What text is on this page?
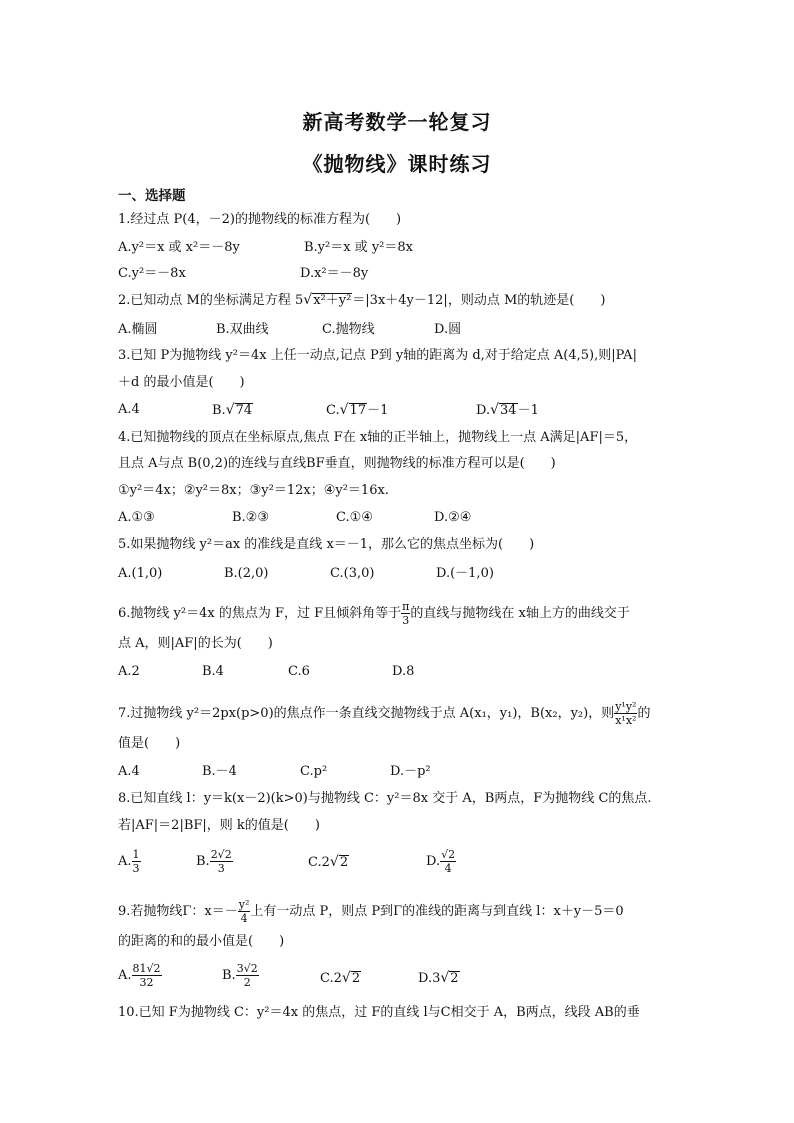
新高考数学一轮复习
《抛物线》课时练习
一、选择题
1.经过点 P(4，－2)的抛物线的标准方程为(　　)
A.y²＝x 或 x²＝－8y	B.y²＝x 或 y²＝8x
C.y²＝－8x	D.x²＝－8y
2.已知动点 M的坐标满足方程 5√x²＋y²＝|3x＋4y－12|，则动点 M的轨迹是(　　)
A.椭圆	B.双曲线	C.抛物线	D.圆
3.已知 P为抛物线 y²＝4x 上任一动点,记点 P到 y轴的距离为 d,对于给定点 A(4,5),则|PA|
＋d 的最小值是(　　)
A.4	B.√74	C.√17－1	D.√34－1
4.已知抛物线的顶点在坐标原点,焦点 F在 x轴的正半轴上，抛物线上一点 A满足|AF|＝5，
且点 A与点 B(0,2)的连线与直线BF垂直，则抛物线的标准方程可以是(　　)
①y²＝4x；②y²＝8x；③y²＝12x；④y²＝16x.
A.①③	B.②③	C.①④	D.②④
5.如果抛物线 y²＝ax 的准线是直线 x＝－1，那么它的焦点坐标为(　　)
A.(1,0)	B.(2,0)	C.(3,0)	D.(－1,0)
6.抛物线 y²＝4x 的焦点为 F，过 F且倾斜角等于 $\frac{\pi}{3}$ 的直线与抛物线在 x轴上方的曲线交于
点 A，则|AF|的长为(　　)
A.2	B.4	C.6	D.8
7.过抛物线 y²＝2px(p>0)的焦点作一条直线交抛物线于点 A(x₁，y₁)，B(x₂，y₂)，则 $\frac{\text{y¹y²}}{\text{x¹x²}}$ 的
值是(　　)
A.4	B.－4	C.p²	D.－p²
8.已知直线 l：y＝k(x－2)(k>0)与抛物线 C：y²＝8x 交于 A，B两点，F为抛物线 C的焦点.
若|AF|＝2|BF|，则 k的值是(　　)
A. $\frac{1}{3}$	B. $\frac{2√2}{3}$	C.2√2	D. $\frac{√2}{4}$
9.若抛物线Γ：$x=- \frac{\text{y²}}{4}$ 上有一动点 P，则点 P到Γ的准线的距离与到直线 l：x＋y－5＝0
的距离的和的最小值是(　　)
A. $\frac{81√2}{32}$	B. $\frac{3√2}{2}$	C.2√2	D.3√2
10.已知 F为抛物线 C：y²＝4x 的焦点，过 F的直线 l与C相交于 A，B两点，线段 AB的垂
